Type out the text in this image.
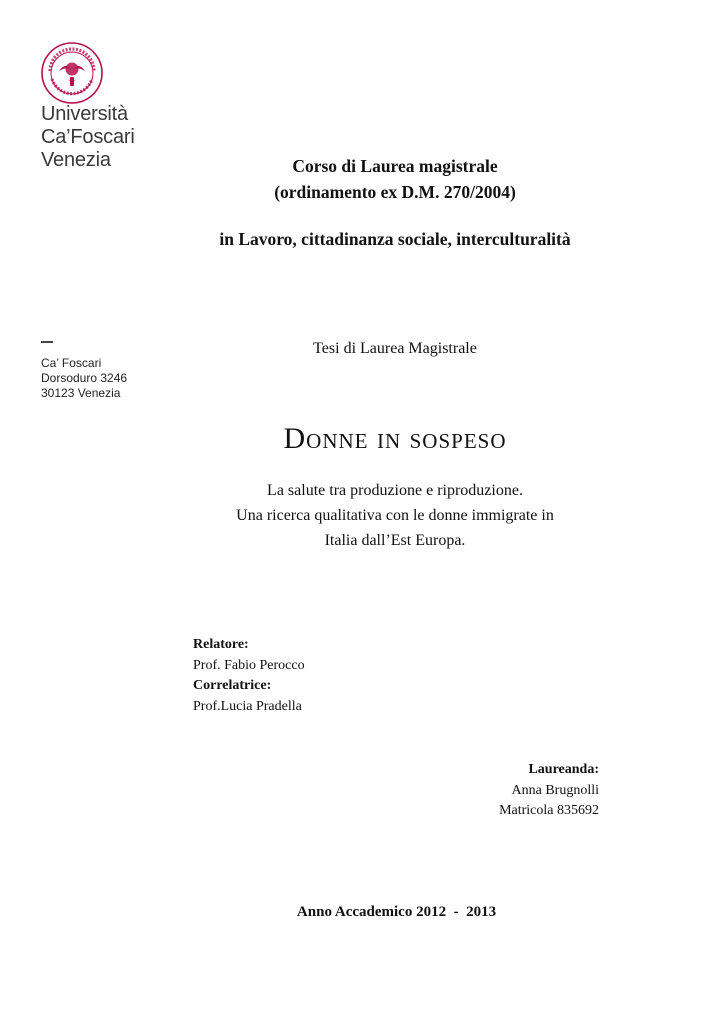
Università
Ca’Foscari
Venezia
Ca’ Foscari
Dorsoduro 3246
30123 Venezia
Corso di Laurea magistrale
(ordinamento ex D.M. 270/2004)
in Lavoro, cittadinanza sociale, interculturalità
Tesi di Laurea Magistrale
Donne in sospeso
La salute tra produzione e riproduzione.
Una ricerca qualitativa con le donne immigrate in
Italia dall’Est Europa.
Relatore:
Prof. Fabio Perocco
Correlatrice:
Prof.Lucia Pradella
Laureanda:
Anna Brugnolli
Matricola 835692
Anno Accademico 2012  -  2013
